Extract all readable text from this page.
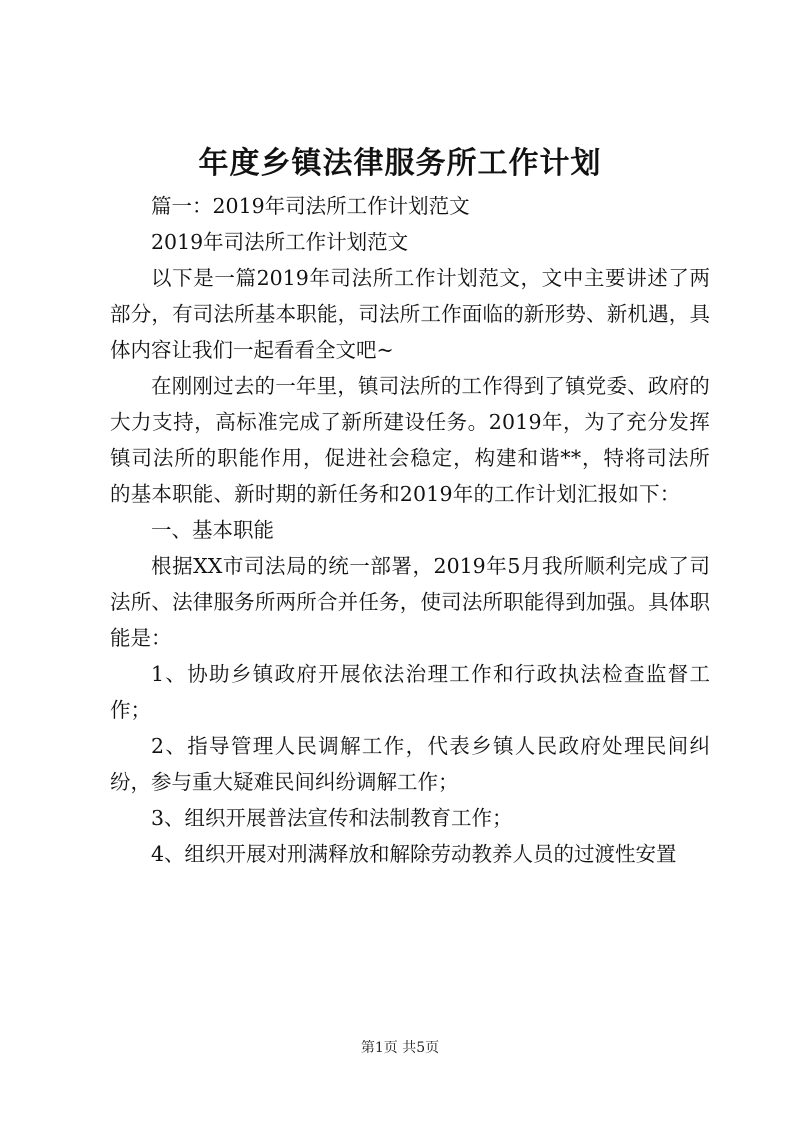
年度乡镇法律服务所工作计划

篇一：2019年司法所工作计划范文

2019年司法所工作计划范文

以下是一篇2019年司法所工作计划范文，文中主要讲述了两部分，有司法所基本职能，司法所工作面临的新形势、新机遇，具体内容让我们一起看看全文吧~

在刚刚过去的一年里，镇司法所的工作得到了镇党委、政府的大力支持，高标准完成了新所建设任务。2019年，为了充分发挥镇司法所的职能作用，促进社会稳定，构建和谐**，特将司法所的基本职能、新时期的新任务和2019年的工作计划汇报如下：

一、基本职能

根据XX市司法局的统一部署，2019年5月我所顺利完成了司法所、法律服务所两所合并任务，使司法所职能得到加强。具体职能是：

1、协助乡镇政府开展依法治理工作和行政执法检查监督工作；

2、指导管理人民调解工作，代表乡镇人民政府处理民间纠纷，参与重大疑难民间纠纷调解工作；

3、组织开展普法宣传和法制教育工作；

4、组织开展对刑满释放和解除劳动教养人员的过渡性安置

第1页 共5页
